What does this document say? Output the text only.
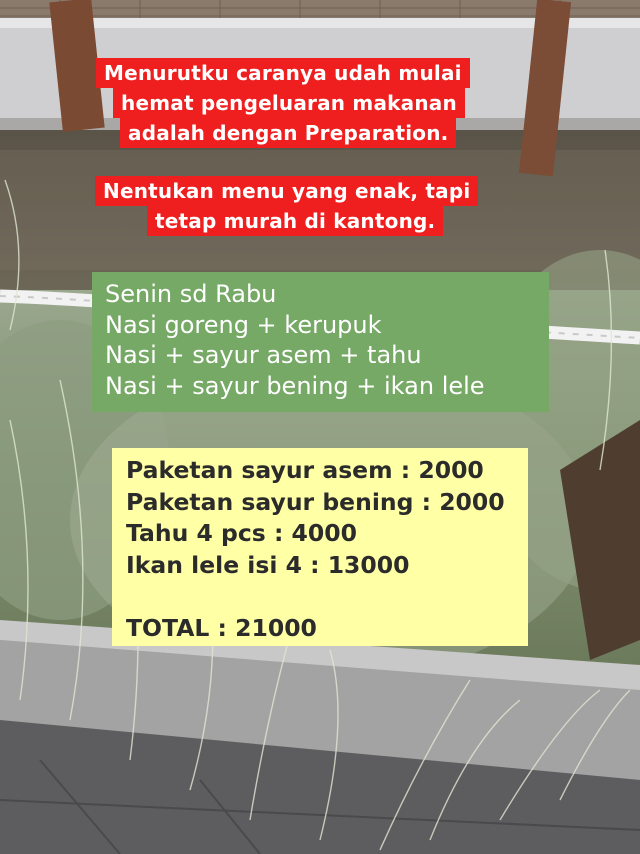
Menurutku caranya udah mulai
hemat pengeluaran makanan
adalah dengan Preparation.
Nentukan menu yang enak, tapi
tetap murah di kantong.
Senin sd Rabu
Nasi goreng + kerupuk
Nasi + sayur asem + tahu
Nasi + sayur bening + ikan lele
Paketan sayur asem : 2000
Paketan sayur bening : 2000
Tahu 4 pcs : 4000
Ikan lele isi 4 : 13000
TOTAL : 21000
